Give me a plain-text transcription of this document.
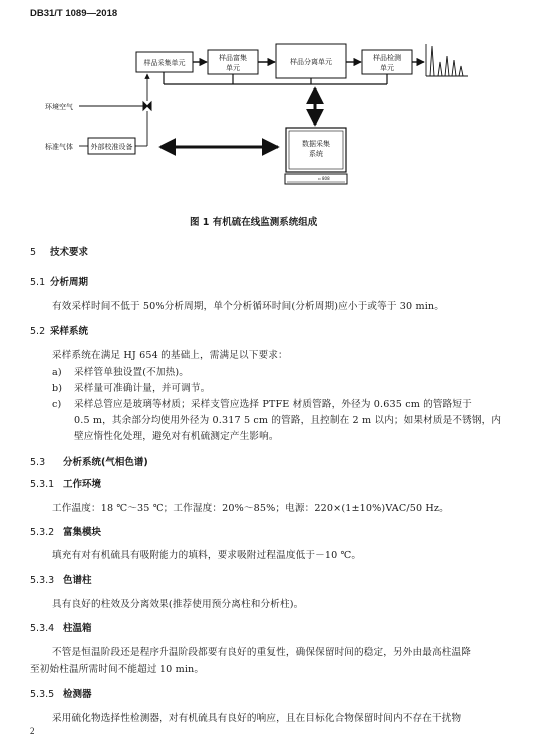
DB31/T 1089—2018
样品采集单元
样品富集
单元
样品分离单元	样品检测
单元
环境空气
标准气体	外部校准设备	数据采集
系统
▫ 808
图 1 有机硫在线监测系统组成
5 技术要求
5.1 分析周期
有效采样时间不低于 50%分析周期，单个分析循环时间(分析周期)应小于或等于 30 min。
5.2 采样系统
采样系统在满足 HJ 654 的基础上，需满足以下要求：
a) 采样管单独设置(不加热)。
b) 采样量可准确计量，并可调节。
c) 采样总管应是玻璃等材质；采样支管应选择 PTFE 材质管路，外径为 0.635 cm 的管路短于
0.5 m，其余部分均使用外径为 0.317 5 cm 的管路，且控制在 2 m 以内；如果材质是不锈钢，内
壁应惰性化处理，避免对有机硫测定产生影响。
5.3 分析系统(气相色谱)
5.3.1 工作环境
工作温度：18 ℃～35 ℃；工作湿度：20%～85%；电源：220×(1±10%)VAC/50 Hz。
5.3.2 富集模块
填充有对有机硫具有吸附能力的填料，要求吸附过程温度低于－10 ℃。
5.3.3 色谱柱
具有良好的柱效及分离效果(推荐使用预分离柱和分析柱)。
5.3.4 柱温箱
不管是恒温阶段还是程序升温阶段都要有良好的重复性，确保保留时间的稳定，另外由最高柱温降
至初始柱温所需时间不能超过 10 min。
5.3.5 检测器
采用硫化物选择性检测器，对有机硫具有良好的响应，且在目标化合物保留时间内不存在干扰物
2
